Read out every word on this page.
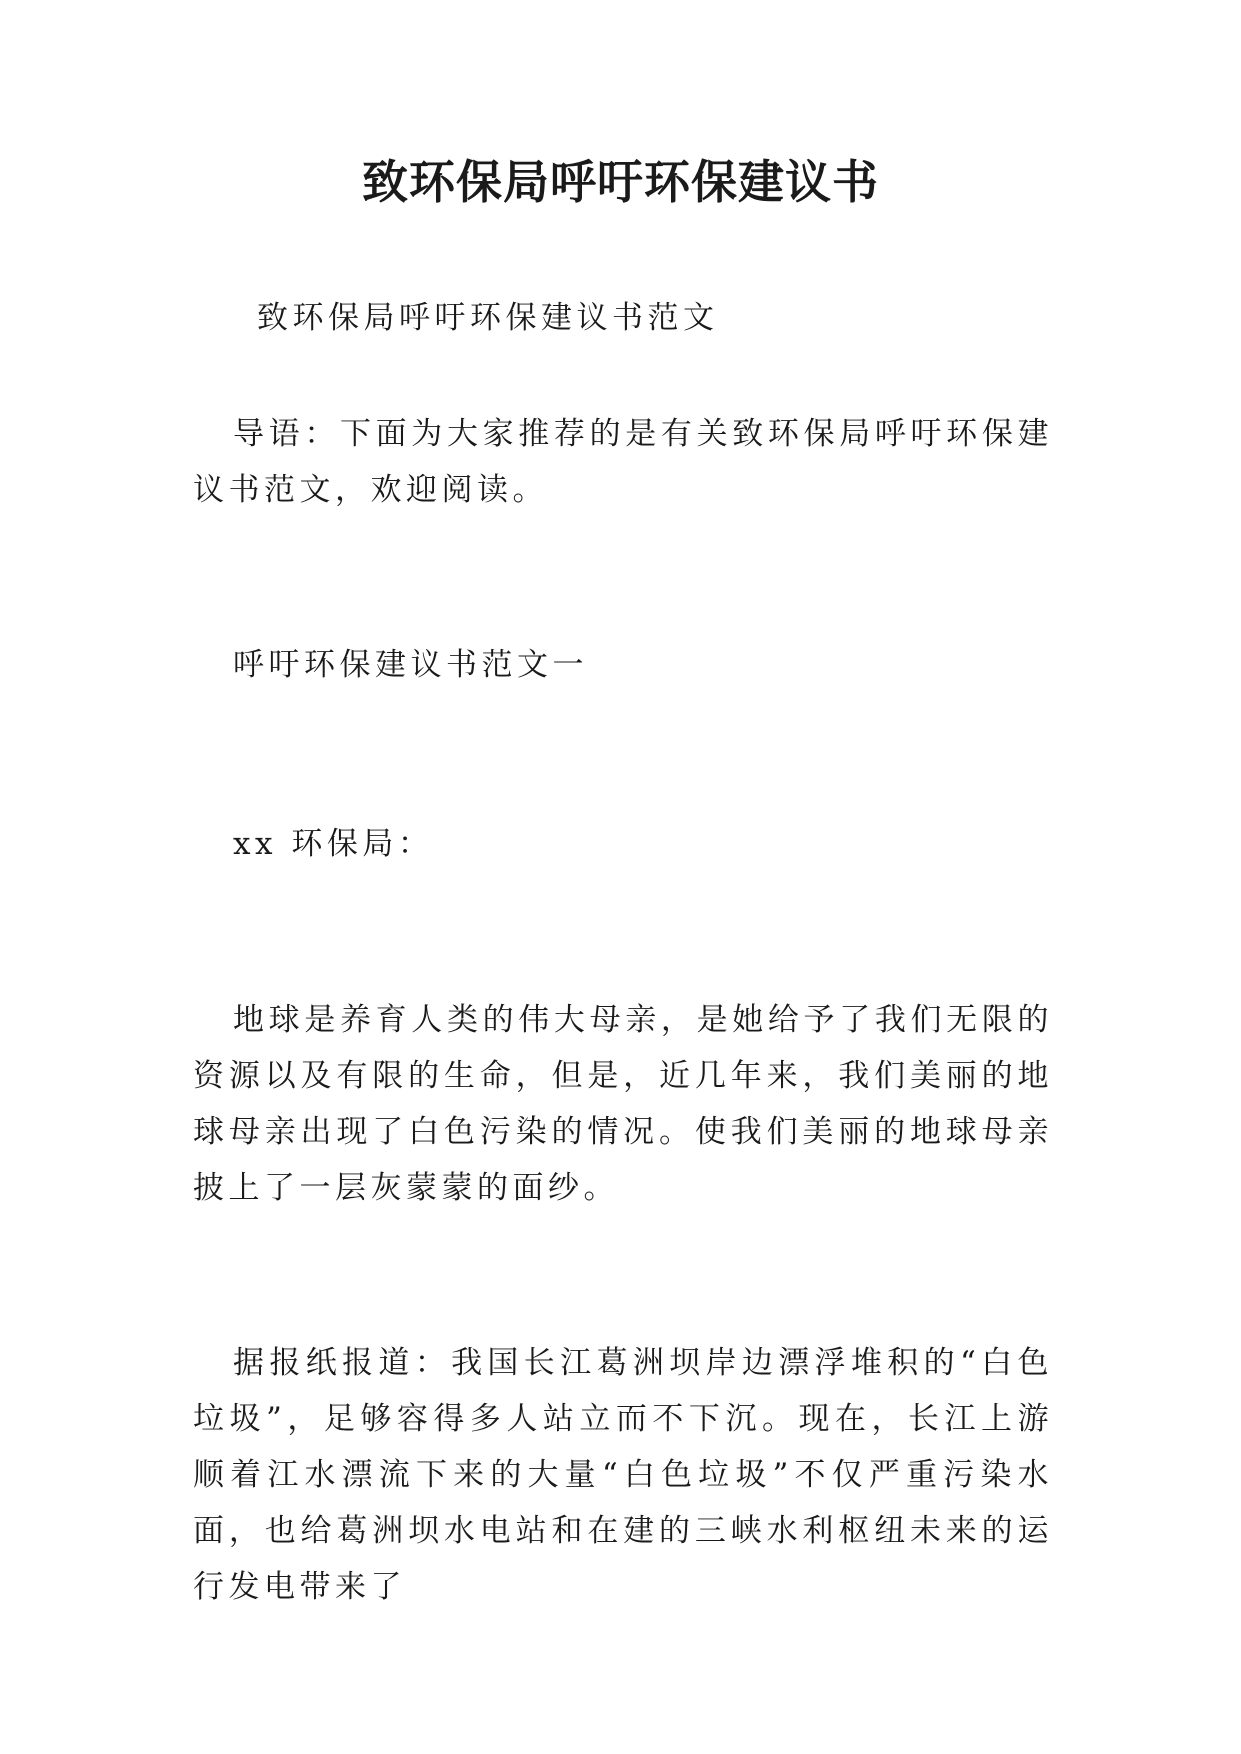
致环保局呼吁环保建议书

致环保局呼吁环保建议书范文

导语：下面为大家推荐的是有关致环保局呼吁环保建议书范文，欢迎阅读。

呼吁环保建议书范文一

xx 环保局：

地球是养育人类的伟大母亲，是她给予了我们无限的资源以及有限的生命，但是，近几年来，我们美丽的地球母亲出现了白色污染的情况。使我们美丽的地球母亲披上了一层灰蒙蒙的面纱。

据报纸报道：我国长江葛洲坝岸边漂浮堆积的“白色垃圾”，足够容得多人站立而不下沉。现在，长江上游顺着江水漂流下来的大量“白色垃圾”不仅严重污染水面，也给葛洲坝水电站和在建的三峡水利枢纽未来的运行发电带来了
